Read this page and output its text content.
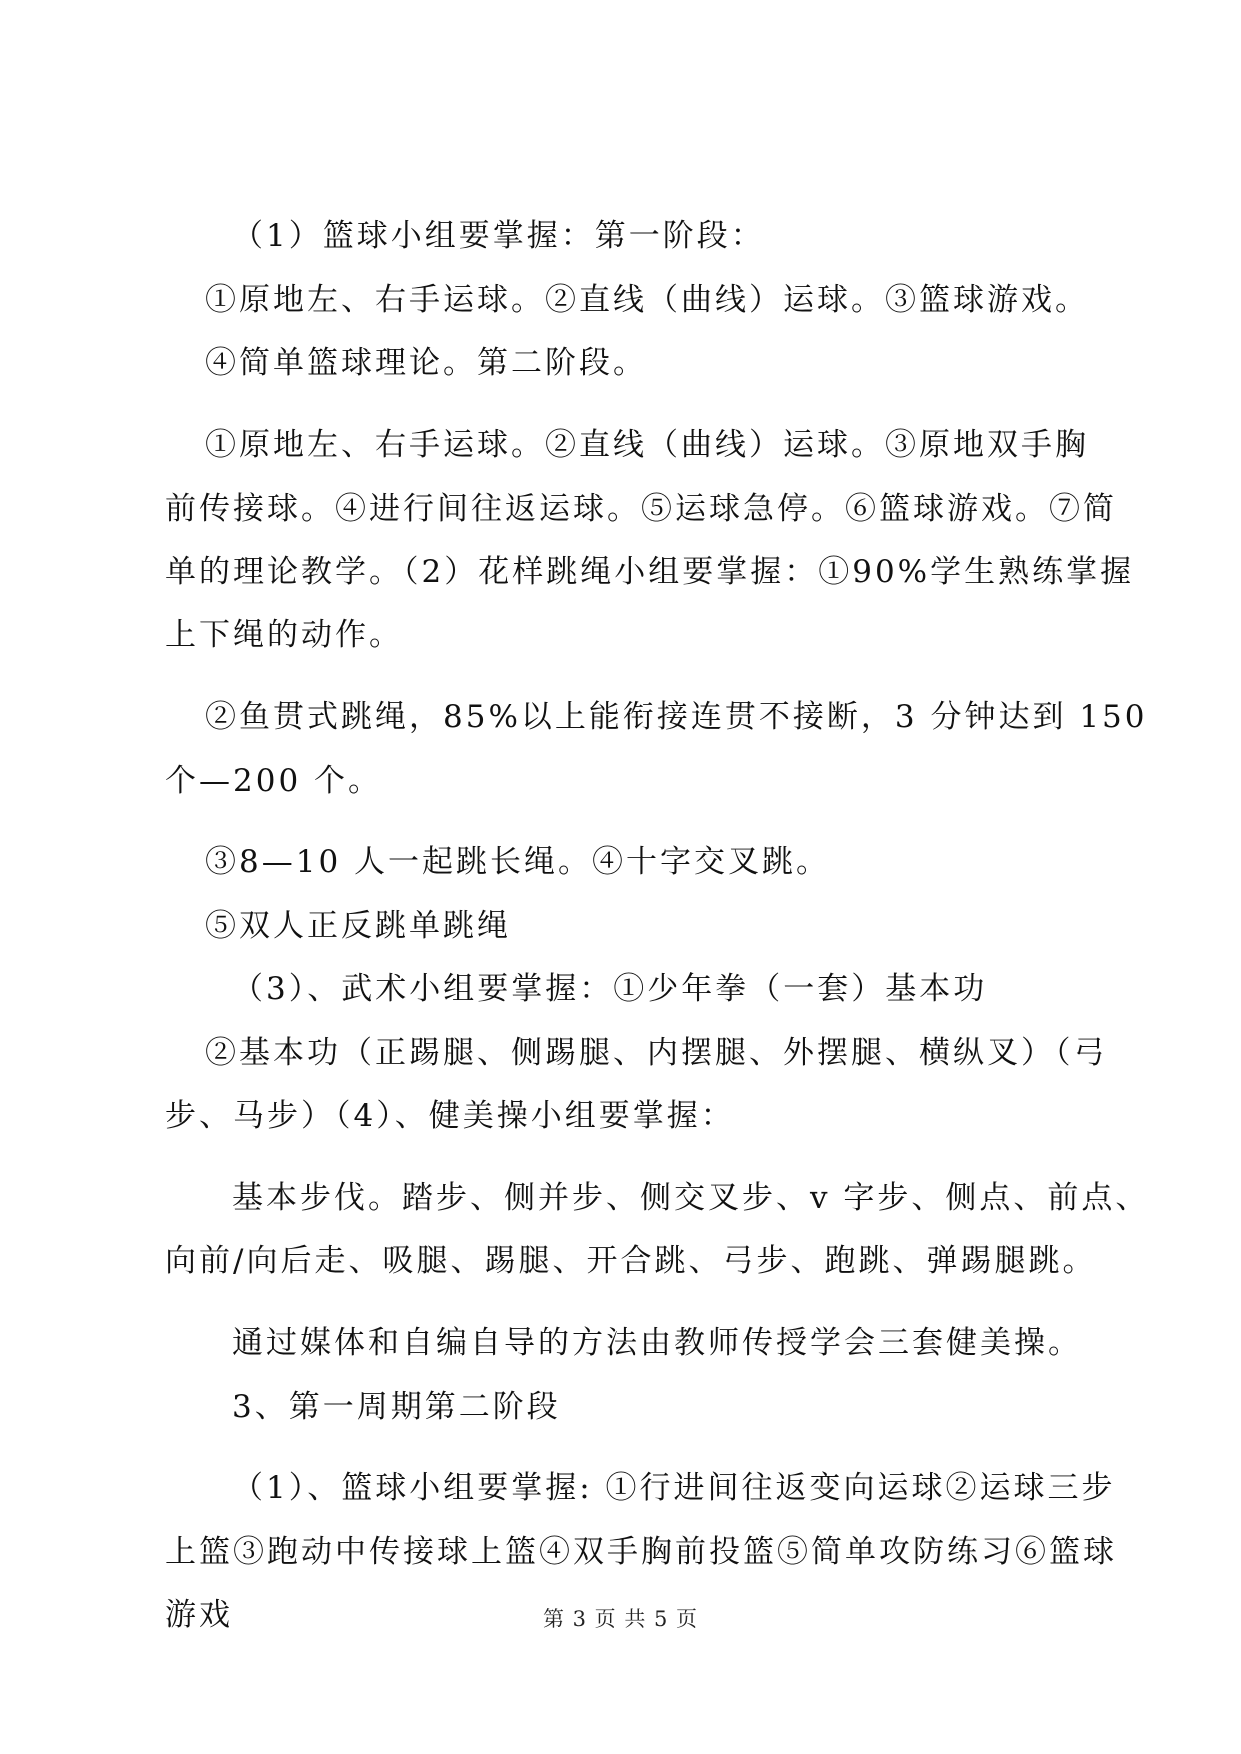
（1）篮球小组要掌握：第一阶段：
①原地左、右手运球。②直线（曲线）运球。③篮球游戏。
④简单篮球理论。第二阶段。
①原地左、右手运球。②直线（曲线）运球。③原地双手胸
前传接球。④进行间往返运球。⑤运球急停。⑥篮球游戏。⑦简
单的理论教学。（2）花样跳绳小组要掌握：①90%学生熟练掌握
上下绳的动作。
②鱼贯式跳绳，85%以上能衔接连贯不接断，3 分钟达到 150
个—200 个。
③8—10 人一起跳长绳。④十字交叉跳。
⑤双人正反跳单跳绳
（3）、武术小组要掌握：①少年拳（一套）基本功
②基本功（正踢腿、侧踢腿、内摆腿、外摆腿、横纵叉）（弓
步、马步）（4）、健美操小组要掌握：
基本步伐。踏步、侧并步、侧交叉步、v 字步、侧点、前点、
向前/向后走、吸腿、踢腿、开合跳、弓步、跑跳、弹踢腿跳。
通过媒体和自编自导的方法由教师传授学会三套健美操。
3、第一周期第二阶段
（1）、篮球小组要掌握: ①行进间往返变向运球②运球三步
上篮③跑动中传接球上篮④双手胸前投篮⑤简单攻防练习⑥篮球
游戏	第 3 页 共 5 页
